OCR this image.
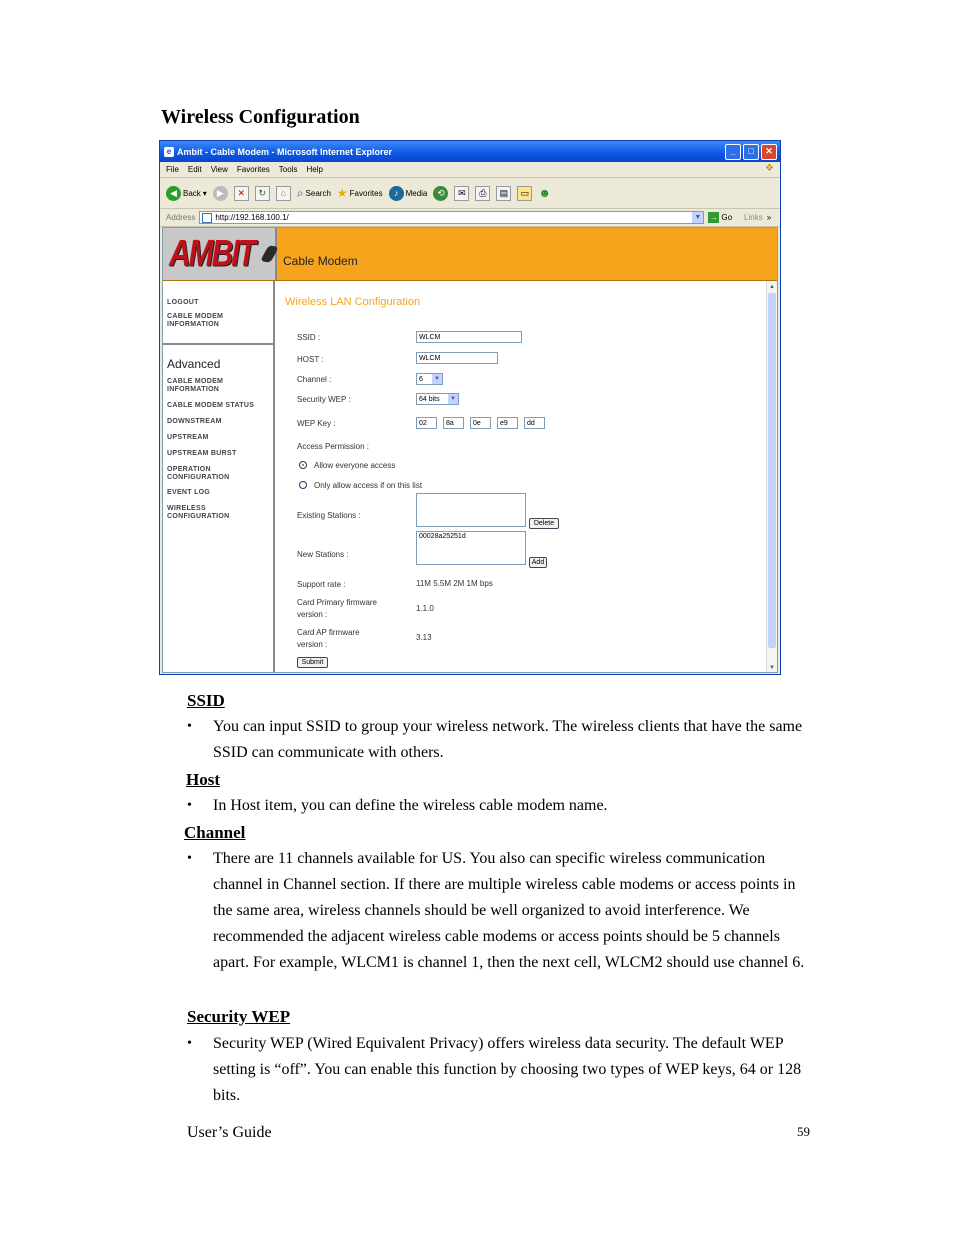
Wireless Configuration
e Ambit - Cable Modem - Microsoft Internet Explorer	_	□	✕
File Edit View Favorites Tools Help	❖
◀ Back ▾	▶	✕	↻	⌂ ⌕ Search ★ Favorites	♪ Media	⟲	✉	⎙	▤	▭ ☻
Address	http://192.168.100.1/	▼ → Go Links »
AMBIT Cable Modem
LOGOUT
CABLE MODEM INFORMATION
Advanced
CABLE MODEM INFORMATION
CABLE MODEM STATUS
DOWNSTREAM
UPSTREAM
UPSTREAM BURST
OPERATION CONFIGURATION
EVENT LOG
WIRELESS CONFIGURATION
Wireless LAN Configuration
SSID :	WLCM
HOST :	WLCM
Channel :	6	▼
Security WEP :	64 bits	▼
WEP Key :	02	8a	0e	e9	dd
Access Permission :
Allow everyone access
Only allow access if on this list
Existing Stations :
Delete
New Stations :
00028a25251d
Add
Support rate :	11M 5.5M 2M 1M bps
Card Primary firmware
version :
1.1.0
Card AP firmware
version :
3.13
Submit
▲
▼
SSID
• You can input SSID to group your wireless network. The wireless clients that have the same SSID can communicate with others.

Host
• In Host item, you can define the wireless cable modem name.

Channel
• There are 11 channels available for US. You also can specific wireless communication channel in Channel section. If there are multiple wireless cable modems or access points in the same area, wireless channels should be well organized to avoid interference. We recommended the adjacent wireless cable modems or access points should be 5 channels apart. For example, WLCM1 is channel 1, then the next cell, WLCM2 should use channel 6.

Security WEP
• Security WEP (Wired Equivalent Privacy) offers wireless data security. The default WEP setting is “off”. You can enable this function by choosing two types of WEP keys, 64 or 128 bits.

User’s Guide	59
